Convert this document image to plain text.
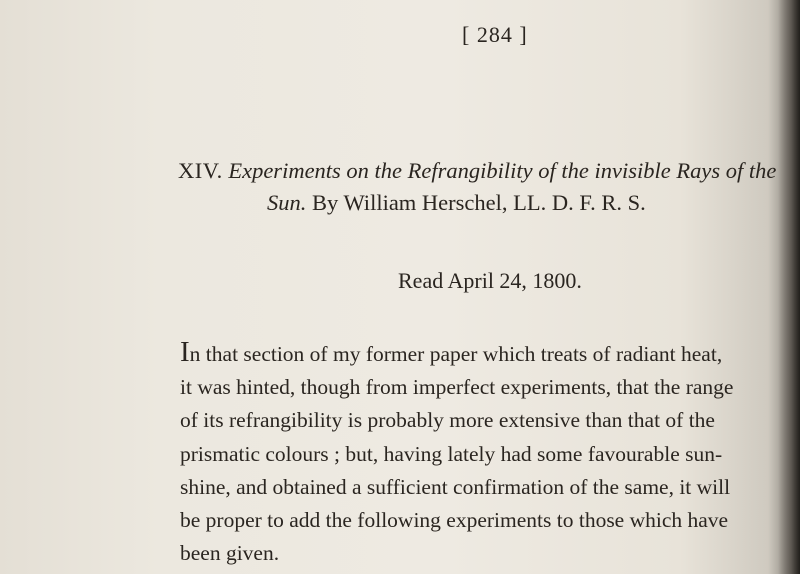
[ 284 ]
XIV. Experiments on the Refrangibility of the invisible Rays of the
Sun. By William Herschel, LL. D. F. R. S.
Read April 24, 1800.
In that section of my former paper which treats of radiant heat,
it was hinted, though from imperfect experiments, that the range
of its refrangibility is probably more extensive than that of the
prismatic colours ; but, having lately had some favourable sun-
shine, and obtained a sufficient confirmation of the same, it will
be proper to add the following experiments to those which have
been given.
